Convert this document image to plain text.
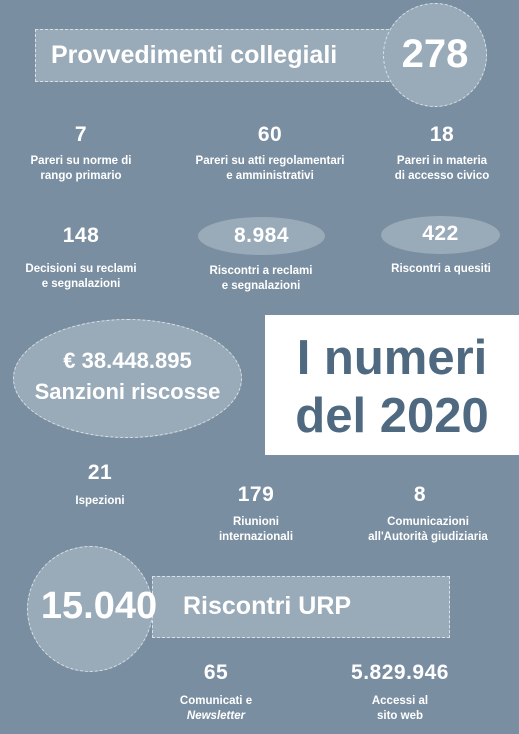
Provvedimenti collegiali	278
7
Pareri su norme di
rango primario
60
Pareri su atti regolamentari
e amministrativi
18
Pareri in materia
di accesso civico
148
Decisioni su reclami
e segnalazioni
8.984
Riscontri a reclami
e segnalazioni
422
Riscontri a quesiti
€ 38.448.895
Sanzioni riscosse
I numeri
del 2020
21
Ispezioni	179
Riunioni
internazionali
8
Comunicazioni
all'Autorità giudiziaria
Riscontri URP
15.040
65
Comunicati e
Newsletter
5.829.946
Accessi al
sito web
